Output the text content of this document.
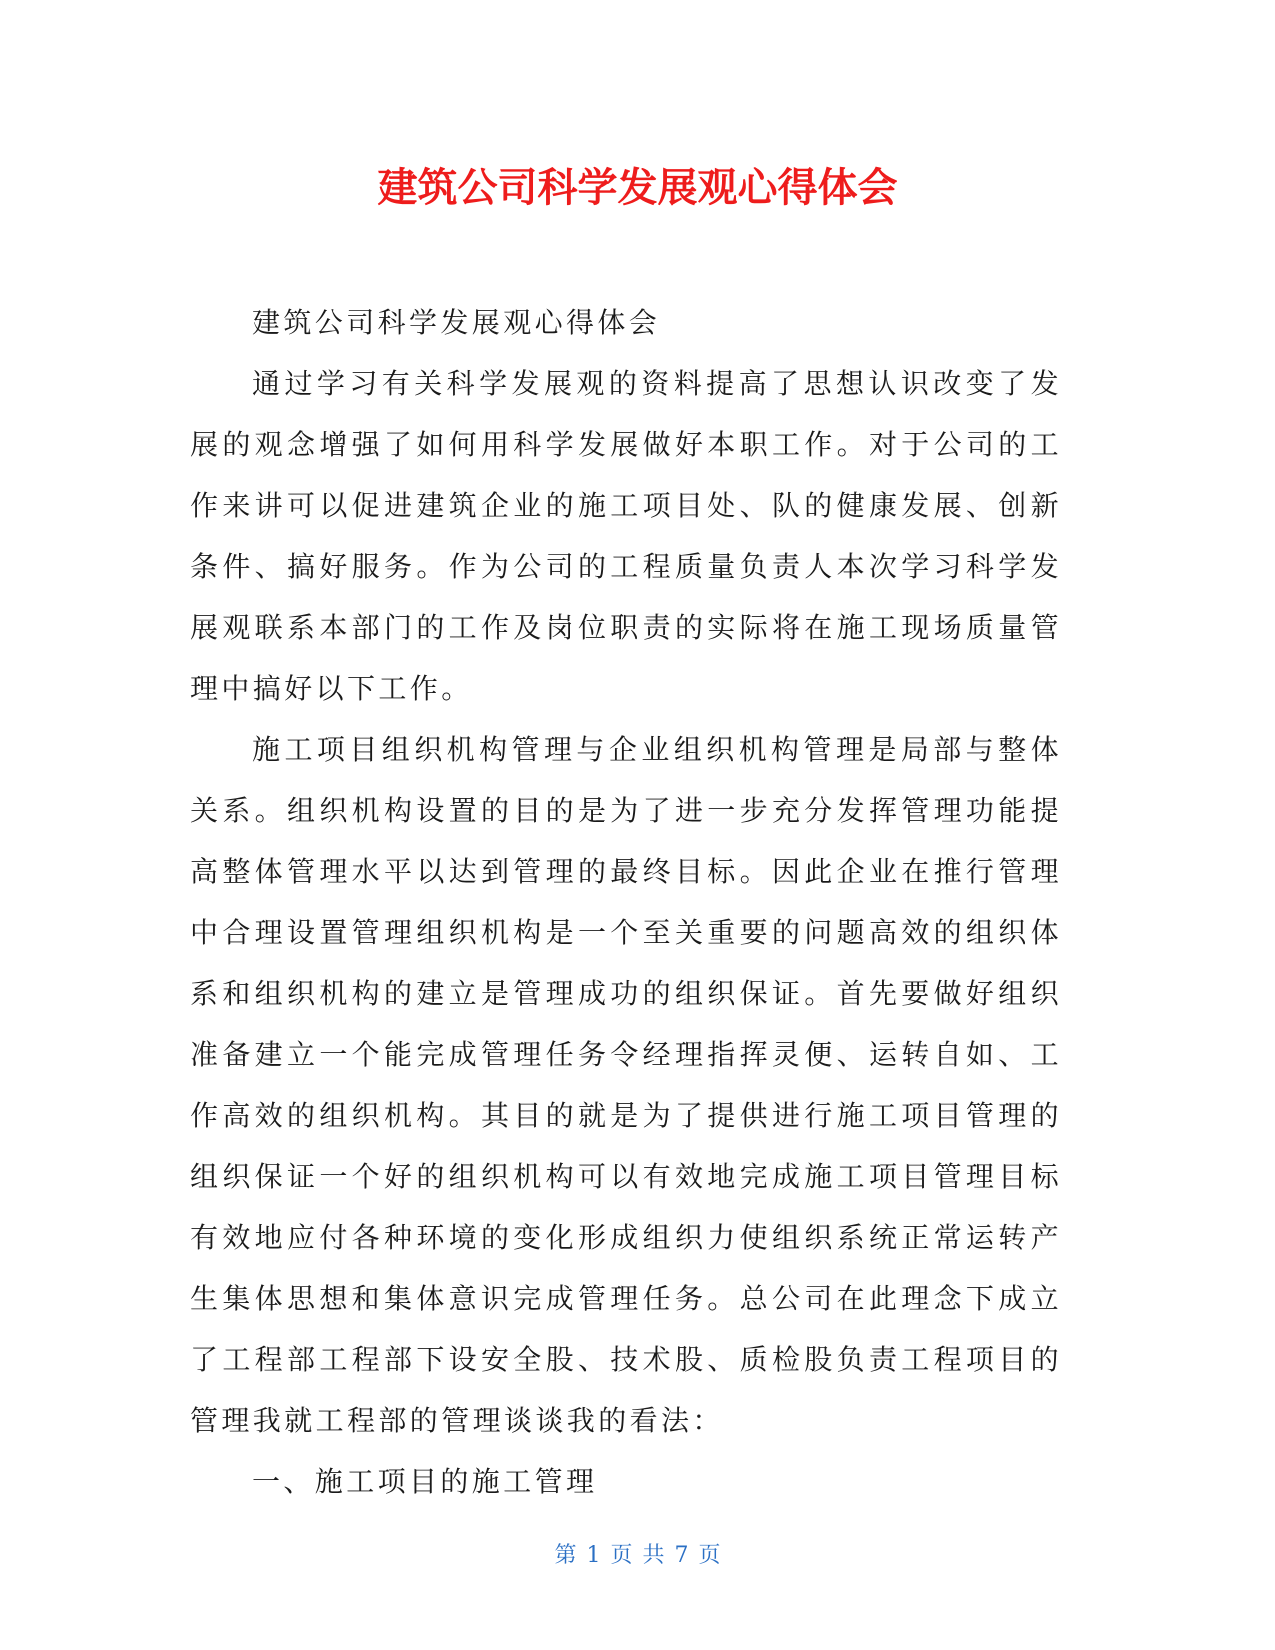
建筑公司科学发展观心得体会

建筑公司科学发展观心得体会

通过学习有关科学发展观的资料提高了思想认识改变了发展的观念增强了如何用科学发展做好本职工作。对于公司的工作来讲可以促进建筑企业的施工项目处、队的健康发展、创新条件、搞好服务。作为公司的工程质量负责人本次学习科学发展观联系本部门的工作及岗位职责的实际将在施工现场质量管理中搞好以下工作。

施工项目组织机构管理与企业组织机构管理是局部与整体关系。组织机构设置的目的是为了进一步充分发挥管理功能提高整体管理水平以达到管理的最终目标。因此企业在推行管理中合理设置管理组织机构是一个至关重要的问题高效的组织体系和组织机构的建立是管理成功的组织保证。首先要做好组织准备建立一个能完成管理任务令经理指挥灵便、运转自如、工作高效的组织机构。其目的就是为了提供进行施工项目管理的组织保证一个好的组织机构可以有效地完成施工项目管理目标有效地应付各种环境的变化形成组织力使组织系统正常运转产生集体思想和集体意识完成管理任务。总公司在此理念下成立了工程部工程部下设安全股、技术股、质检股负责工程项目的管理我就工程部的管理谈谈我的看法：

一、施工项目的施工管理

第 1 页 共 7 页
